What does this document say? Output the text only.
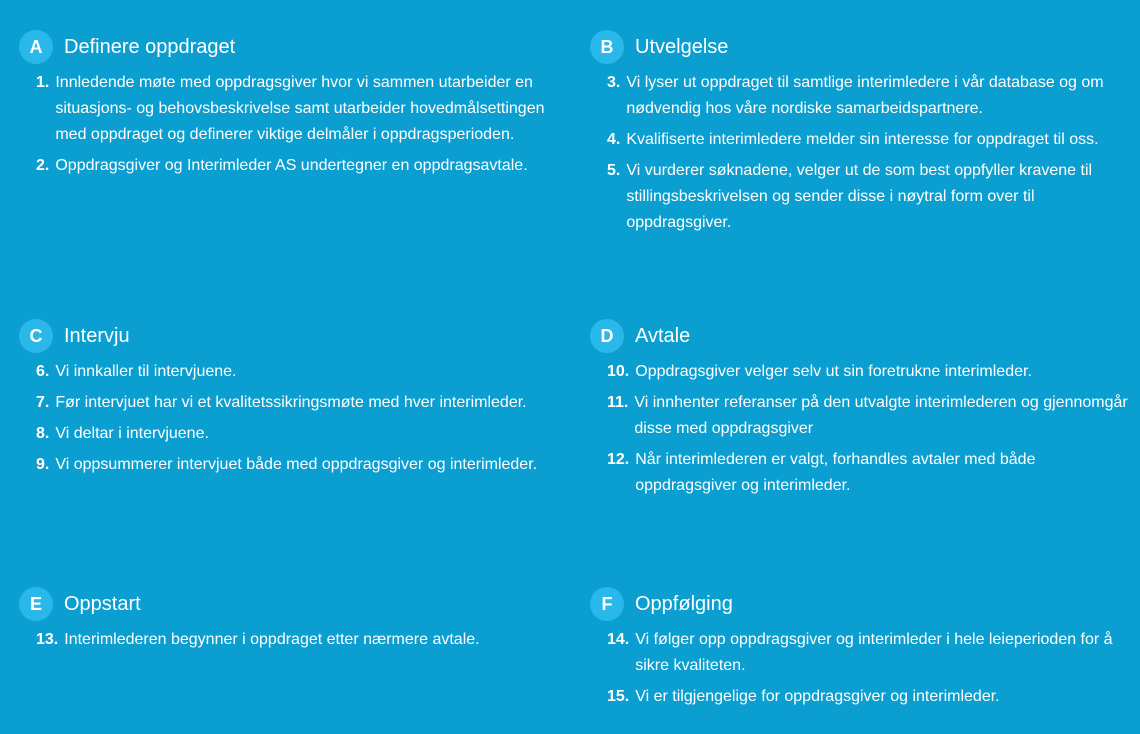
A	Definere oppdraget
1. Innledende møte med oppdragsgiver hvor vi sammen utarbeider en situasjons- og behovsbeskrivelse samt utarbeider hovedmålsettingen med oppdraget og definerer viktige delmåler i oppdragsperioden.
2. Oppdragsgiver og Interimleder AS undertegner en oppdragsavtale.
B	Utvelgelse
3. Vi lyser ut oppdraget til samtlige interimledere i vår database og om nødvendig hos våre nordiske samarbeidspartnere.
4. Kvalifiserte interimledere melder sin interesse for oppdraget til oss.
5. Vi vurderer søknadene, velger ut de som best oppfyller kravene til stillingsbeskrivelsen og sender disse i nøytral form over til oppdragsgiver.
C	Intervju
6. Vi innkaller til intervjuene.
7. Før intervjuet har vi et kvalitetssikringsmøte med hver interimleder.
8. Vi deltar i intervjuene.
9. Vi oppsummerer intervjuet både med oppdragsgiver og interimleder.
D	Avtale
10. Oppdragsgiver velger selv ut sin foretrukne interimleder.
11. Vi innhenter referanser på den utvalgte interimlederen og gjennomgår disse med oppdragsgiver
12. Når interimlederen er valgt, forhandles avtaler med både oppdragsgiver og interimleder.
E	Oppstart
13. Interimlederen begynner i oppdraget etter nærmere avtale.
F	Oppfølging
14. Vi følger opp oppdragsgiver og interimleder i hele leieperioden for å sikre kvaliteten.
15. Vi er tilgjengelige for oppdragsgiver og interimleder.
